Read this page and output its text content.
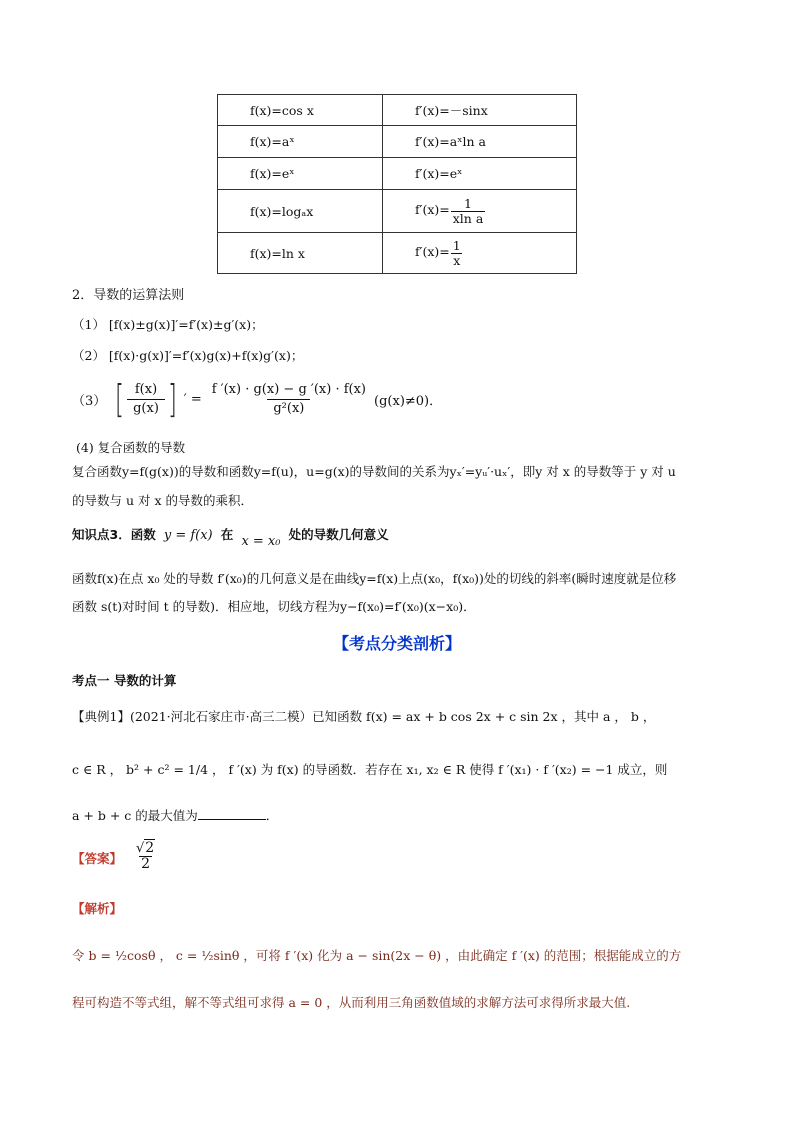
f(x)=cos x	f′(x)=－sinx
f(x)=aˣ	f′(x)=aˣln a
f(x)=eˣ	f′(x)=eˣ
f(x)=logₐx	$f'(x)= \frac{1}{\text{xln a}}$

f(x)=ln x	$f'(x)= \frac{1}{x}$
2．导数的运算法则
（1） [f(x)±g(x)]′=f′(x)±g′(x)；
（2） [f(x)·g(x)]′=f′(x)g(x)+f(x)g′(x)；
（3） [ $\frac{f(x)}{g(x)}$ ] ′ = $\frac{f '(x) \cdot g(x) - g '(x) \cdot f(x)}{\text{g²(x)}} (g(x)\ne 0)$．
(4) 复合函数的导数
复合函数y=f(g(x))的导数和函数y=f(u)，u=g(x)的导数间的关系为yₓ′=yᵤ′·uₓ′，即y 对 x 的导数等于 y 对 u
的导数与 u 对 x 的导数的乘积．
知识点3．函数 y = f(x) 在 x = x₀ 处的导数几何意义
函数f(x)在点 x₀ 处的导数 f′(x₀)的几何意义是在曲线y=f(x)上点(x₀，f(x₀))处的切线的斜率(瞬时速度就是位移
函数 s(t)对时间 t 的导数)．相应地，切线方程为y−f(x₀)=f′(x₀)(x−x₀)．
【考点分类剖析】
考点一 导数的计算
【典例1】(2021·河北石家庄市·高三二模）已知函数 f(x) = ax + b cos 2x + c sin 2x ，其中 a ， b ，
c ∈ R ， b² + c² = 1/4 ， f ′(x) 为 f(x) 的导函数．若存在 x₁, x₂ ∈ R 使得 f ′(x₁) · f ′(x₂) = −1 成立，则
a + b + c 的最大值为	．
【答案】 $\frac{√2}{2}$
【解析】
令 b = ½cosθ ， c = ½sinθ ，可将 f ′(x) 化为 a − sin(2x − θ) ，由此确定 f ′(x) 的范围；根据能成立的方
程可构造不等式组，解不等式组可求得 a = 0 ，从而利用三角函数值域的求解方法可求得所求最大值.
